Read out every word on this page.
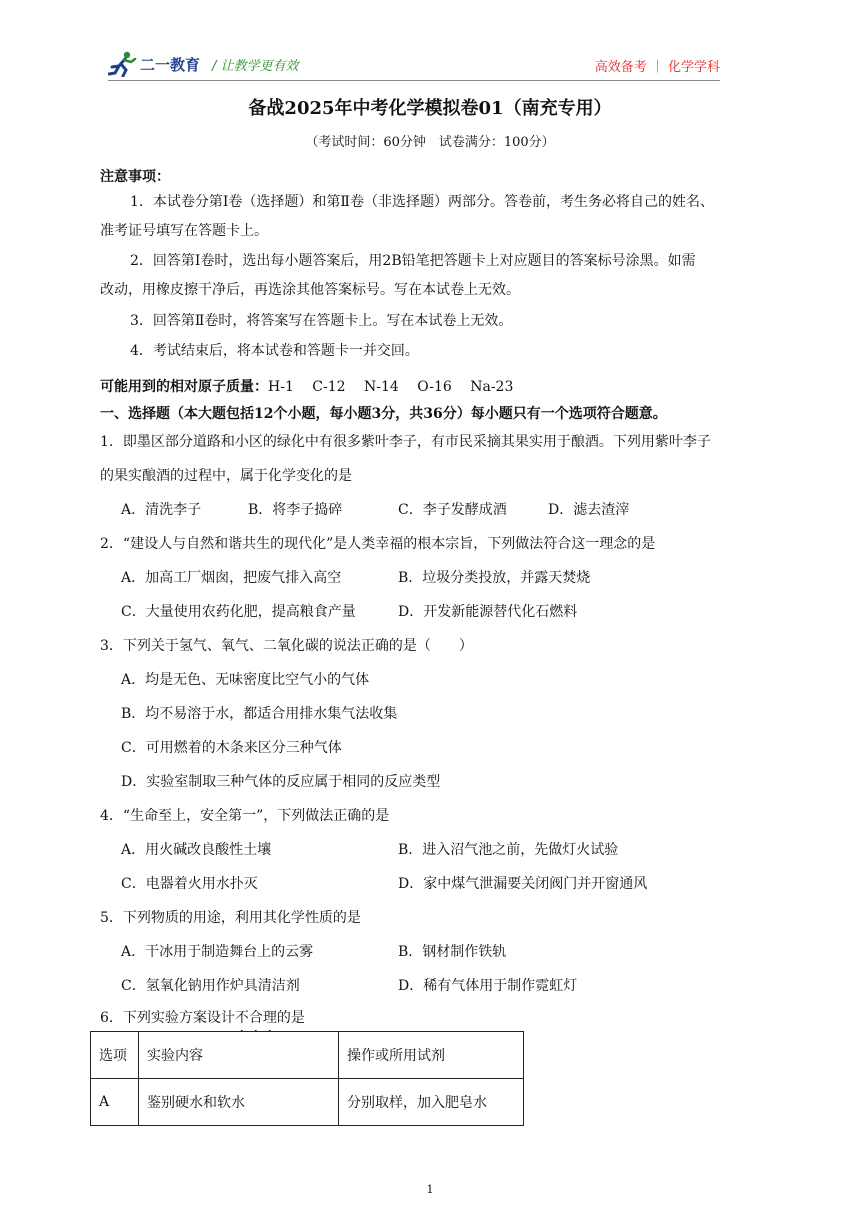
二一教育 / 让教学更有效	高效备考 ｜ 化学学科
备战2025年中考化学模拟卷01（南充专用）
（考试时间：60分钟　试卷满分：100分）
注意事项：
1．本试卷分第Ⅰ卷（选择题）和第Ⅱ卷（非选择题）两部分。答卷前，考生务必将自己的姓名、
准考证号填写在答题卡上。
2．回答第Ⅰ卷时，选出每小题答案后，用2B铅笔把答题卡上对应题目的答案标号涂黑。如需
改动，用橡皮擦干净后，再选涂其他答案标号。写在本试卷上无效。
3．回答第Ⅱ卷时，将答案写在答题卡上。写在本试卷上无效。
4．考试结束后，将本试卷和答题卡一并交回。
可能用到的相对原子质量：H-1　 C-12　 N-14　 O-16　 Na-23
一、选择题（本大题包括12个小题，每小题3分，共36分）每小题只有一个选项符合题意。
1．即墨区部分道路和小区的绿化中有很多紫叶李子，有市民采摘其果实用于酿酒。下列用紫叶李子
的果实酿酒的过程中，属于化学变化的是
A．清洗李子	B．将李子捣碎	C．李子发酵成酒	D．滤去渣滓
2．“建设人与自然和谐共生的现代化”是人类幸福的根本宗旨，下列做法符合这一理念的是
A．加高工厂烟囱，把废气排入高空	B．垃圾分类投放，并露天焚烧
C．大量使用农药化肥，提高粮食产量	D．开发新能源替代化石燃料
3．下列关于氢气、氧气、二氧化碳的说法正确的是（　　）
A．均是无色、无味密度比空气小的气体
B．均不易溶于水，都适合用排水集气法收集
C．可用燃着的木条来区分三种气体
D．实验室制取三种气体的反应属于相同的反应类型
4．“生命至上，安全第一”，下列做法正确的是
A．用火碱改良酸性土壤	B．进入沼气池之前，先做灯火试验
C．电器着火用水扑灭	D．家中煤气泄漏要关闭阀门并开窗通风
5．下列物质的用途，利用其化学性质的是
A．干冰用于制造舞台上的云雾	B．钢材制作铁轨
C．氢氧化钠用作炉具清洁剂	D．稀有气体用于制作霓虹灯
6．下列实验方案设计不合理的是
选项	实验内容	操作或所用试剂
A	鉴别硬水和软水	分别取样，加入肥皂水
1
